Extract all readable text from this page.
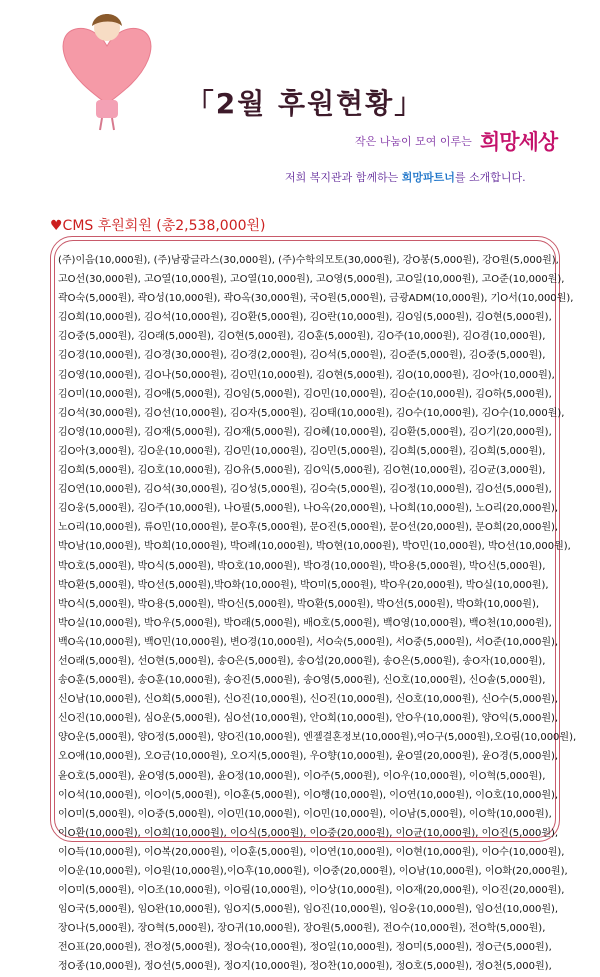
「2월 후원현황」
작은 나눔이 모여 이루는 희망세상
저희 복지관과 함께하는 희망파트너를 소개합니다.
♥CMS 후원회원 (총2,538,000원)
(주)이음(10,000원), (주)남광글라스(30,000원), (주)수학의모토(30,000원), 강O봉(5,000원), 강O원(5,000원),
고O선(30,000원), 고O열(10,000원), 고O열(10,000원), 고O영(5,000원), 고O일(10,000원), 고O준(10,000원),
곽O숙(5,000원), 곽O성(10,000원), 곽O옥(30,000원), 국O원(5,000원), 금광ADM(10,000원), 기O서(10,000원),
김O희(10,000원), 김O석(10,000원), 김O환(5,000원), 김O란(10,000원), 김O임(5,000원), 김O현(5,000원),
김O중(5,000원), 김O래(5,000원), 김O현(5,000원), 김O훈(5,000원), 김O주(10,000원), 김O겸(10,000원),
김O경(10,000원), 김O경(30,000원), 김O경(2,000원), 김O석(5,000원), 김O준(5,000원), 김O중(5,000원),
김O영(10,000원), 김O나(50,000원), 김O민(10,000원), 김O현(5,000원), 김O(10,000원), 김O아(10,000원),
김O미(10,000원), 김O애(5,000원), 김O임(5,000원), 김O민(10,000원), 김O순(10,000원), 김O하(5,000원),
김O석(30,000원), 김O선(10,000원), 김O자(5,000원), 김O태(10,000원), 김O수(10,000원), 김O수(10,000원),
김O영(10,000원), 김O재(5,000원), 김O재(5,000원), 김O혜(10,000원), 김O환(5,000원), 김O기(20,000원),
김O아(3,000원), 김O운(10,000원), 김O민(10,000원), 김O민(5,000원), 김O희(5,000원), 김O희(5,000원),
김O희(5,000원), 김O호(10,000원), 김O유(5,000원), 김O익(5,000원), 김O현(10,000원), 김O균(3,000원),
김O연(10,000원), 김O석(30,000원), 김O성(5,000원), 김O숙(5,000원), 김O정(10,000원), 김O선(5,000원),
김O웅(5,000원), 김O주(10,000원), 나O필(5,000원), 나O옥(20,000원), 나O희(10,000원), 노O리(20,000원),
노O리(10,000원), 류O민(10,000원), 문O후(5,000원), 문O진(5,000원), 문O선(20,000원), 문O희(20,000원),
박O남(10,000원), 박O희(10,000원), 박O례(10,000원), 박O현(10,000원), 박O민(10,000원), 박O선(10,000원),
박O호(5,000원), 박O식(5,000원), 박O호(10,000원), 박O경(10,000원), 박O용(5,000원), 박O신(5,000원),
박O환(5,000원), 박O선(5,000원),박O화(10,000원), 박O미(5,000원), 박O우(20,000원), 박O실(10,000원),
박O식(5,000원), 박O용(5,000원), 박O신(5,000원), 박O환(5,000원), 박O선(5,000원), 박O화(10,000원),
박O실(10,000원), 박O우(5,000원), 박O래(5,000원), 배O호(5,000원), 백O영(10,000원), 백O천(10,000원),
백O옥(10,000원), 백O민(10,000원), 변O경(10,000원), 서O숙(5,000원), 서O중(5,000원), 서O준(10,000원),
선O래(5,000원), 선O현(5,000원), 송O은(5,000원), 송O섭(20,000원), 송O은(5,000원), 송O자(10,000원),
송O훈(5,000원), 송O훈(10,000원), 송O진(5,000원), 송O영(5,000원), 신O호(10,000원), 신O솔(5,000원),
신O남(10,000원), 신O희(5,000원), 신O진(10,000원), 신O진(10,000원), 신O호(10,000원), 신O수(5,000원),
신O진(10,000원), 심O운(5,000원), 심O선(10,000원), 안O희(10,000원), 안O우(10,000원), 양O익(5,000원),
양O운(5,000원), 양O정(5,000원), 양O진(10,000원), 엔젤결혼정보(10,000원),여O구(5,000원),오O림(10,000원),
오O애(10,000원), 오O금(10,000원), 오O지(5,000원), 우O향(10,000원), 윤O열(20,000원), 윤O경(5,000원),
윤O호(5,000원), 윤O영(5,000원), 윤O정(10,000원), 이O주(5,000원), 이O우(10,000원), 이O혁(5,000원),
이O석(10,000원), 이O이(5,000원), 이O훈(5,000원), 이O행(10,000원), 이O연(10,000원), 이O호(10,000원),
이O미(5,000원), 이O중(5,000원), 이O민(10,000원), 이O민(10,000원), 이O남(5,000원), 이O학(10,000원),
이O환(10,000원), 이O희(10,000원), 이O식(5,000원), 이O중(20,000원), 이O균(10,000원), 이O진(5,000원),
이O득(10,000원), 이O복(20,000원), 이O훈(5,000원), 이O연(10,000원), 이O현(10,000원), 이O수(10,000원),
이O운(10,000원), 이O원(10,000원),이O후(10,000원), 이O중(20,000원), 이O남(10,000원), 이O화(20,000원),
이O미(5,000원), 이O조(10,000원), 이O림(10,000원), 이O상(10,000원), 이O재(20,000원), 이O진(20,000원),
임O국(5,000원), 임O완(10,000원), 임O지(5,000원), 임O진(10,000원), 임O웅(10,000원), 임O선(10,000원),
장O나(5,000원), 장O혁(5,000원), 장O귀(10,000원), 장O원(5,000원), 전O수(10,000원), 전O학(5,000원),
전O표(20,000원), 전O정(5,000원), 정O숙(10,000원), 정O일(10,000원), 정O미(5,000원), 정O근(5,000원),
정O종(10,000원), 정O선(5,000원), 정O지(10,000원), 정O찬(10,000원), 정O호(5,000원), 정O천(5,000원),
